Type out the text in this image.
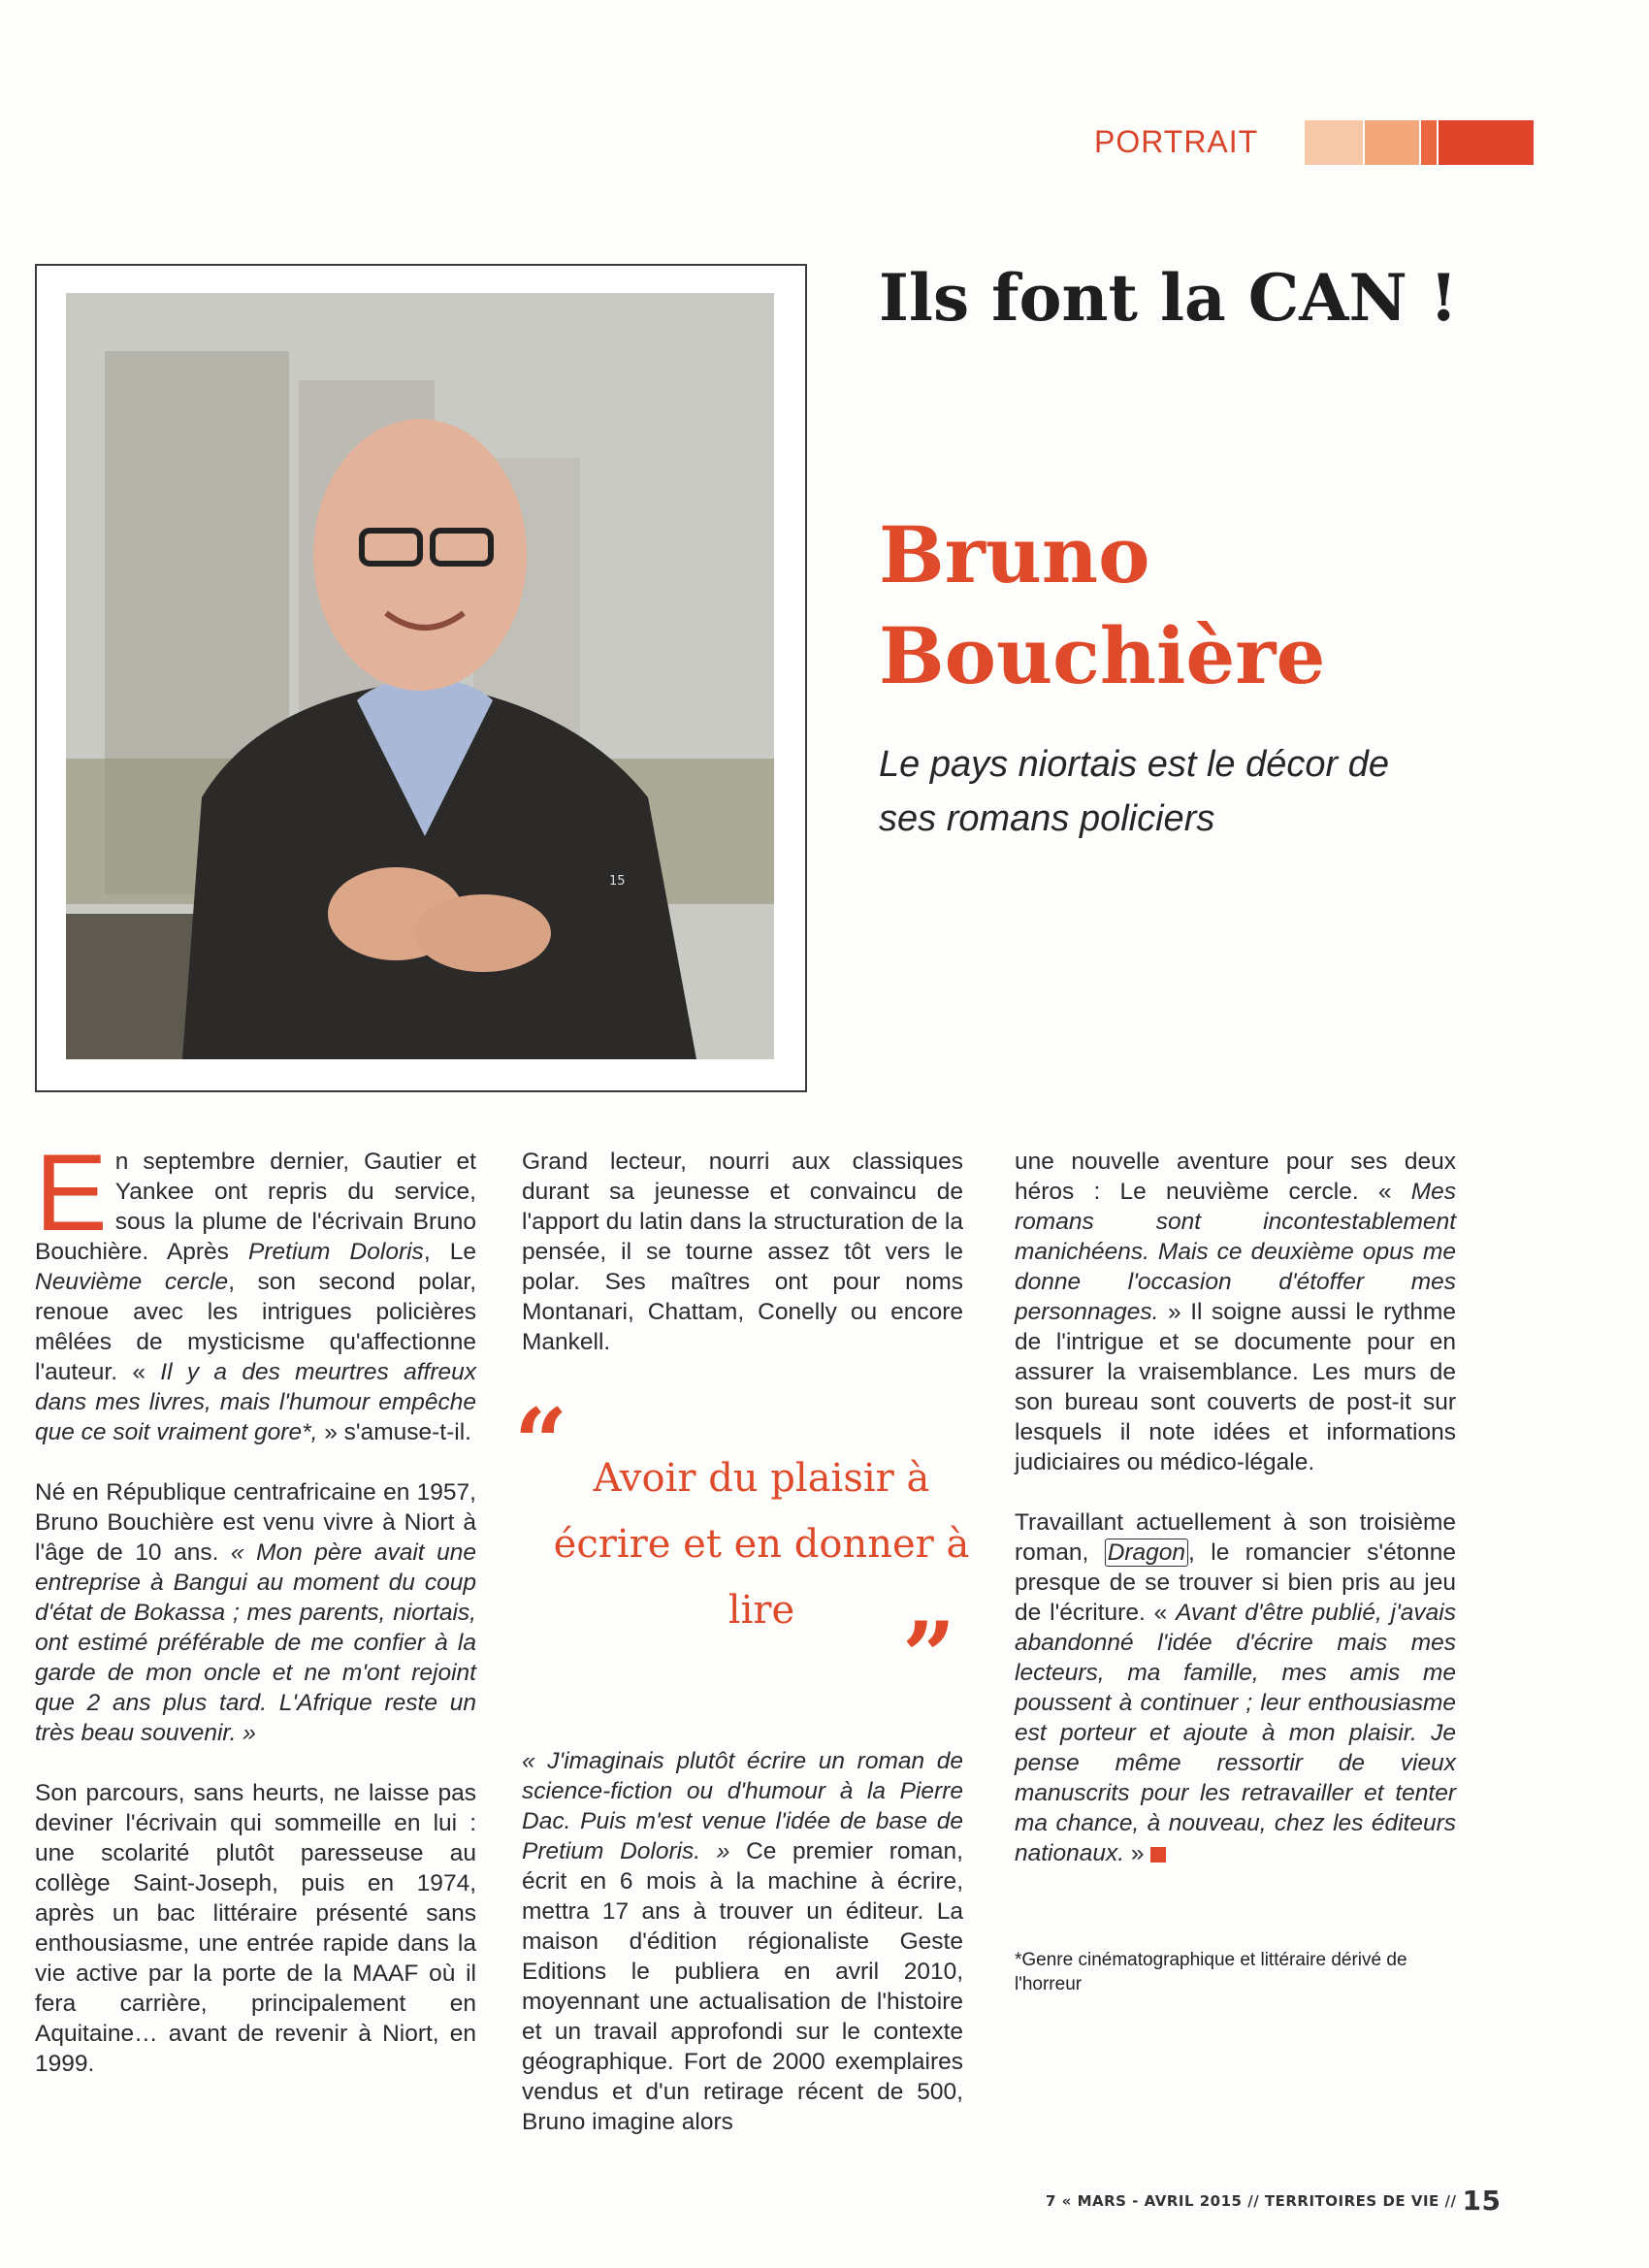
PORTRAIT
15
Ils font la CAN !
Bruno
Bouchière
Le pays niortais est le décor de ses romans policiers

En septembre dernier, Gautier et Yankee ont repris du service, sous la plume de l'écrivain Bruno Bouchière. Après Pretium Doloris, Le Neuvième cercle, son second polar, renoue avec les intrigues policières mêlées de mysticisme qu'affectionne l'auteur. « Il y a des meurtres affreux dans mes livres, mais l'humour empêche que ce soit vraiment gore*, » s'amuse-t-il.

Né en République centrafricaine en 1957, Bruno Bouchière est venu vivre à Niort à l'âge de 10 ans. « Mon père avait une entreprise à Bangui au moment du coup d'état de Bokassa ; mes parents, niortais, ont estimé préférable de me confier à la garde de mon oncle et ne m'ont rejoint que 2 ans plus tard. L'Afrique reste un très beau souvenir. »

Son parcours, sans heurts, ne laisse pas deviner l'écrivain qui sommeille en lui : une scolarité plutôt paresseuse au collège Saint-Joseph, puis en 1974, après un bac littéraire présenté sans enthousiasme, une entrée rapide dans la vie active par la porte de la MAAF où il fera carrière, principalement en Aquitaine… avant de revenir à Niort, en 1999.

Grand lecteur, nourri aux classiques durant sa jeunesse et convaincu de l'apport du latin dans la structuration de la pensée, il se tourne assez tôt vers le polar. Ses maîtres ont pour noms Montanari, Chattam, Conelly ou encore Mankell.

“ Avoir du plaisir à écrire et en donner à lire	”

« J'imaginais plutôt écrire un roman de science-fiction ou d'humour à la Pierre Dac. Puis m'est venue l'idée de base de Pretium Doloris. » Ce premier roman, écrit en 6 mois à la machine à écrire, mettra 17 ans à trouver un éditeur. La maison d'édition régionaliste Geste Editions le publiera en avril 2010, moyennant une actualisation de l'histoire et un travail approfondi sur le contexte géographique. Fort de 2000 exemplaires vendus et d'un retirage récent de 500, Bruno imagine alors

une nouvelle aventure pour ses deux héros : Le neuvième cercle. « Mes romans sont incontestablement manichéens. Mais ce deuxième opus me donne l'occasion d'étoffer mes personnages. » Il soigne aussi le rythme de l'intrigue et se documente pour en assurer la vraisemblance. Les murs de son bureau sont couverts de post-it sur lesquels il note idées et informations judiciaires ou médico-légale.

Travaillant actuellement à son troisième roman, Dragon , le romancier s'étonne presque de se trouver si bien pris au jeu de l'écriture. « Avant d'être publié, j'avais abandonné l'idée d'écrire mais mes lecteurs, ma famille, mes amis me poussent à continuer ; leur enthousiasme est porteur et ajoute à mon plaisir. Je pense même ressortir de vieux manuscrits pour les retravailler et tenter ma chance, à nouveau, chez les éditeurs nationaux. »

*Genre cinématographique et littéraire dérivé de l'horreur
7 « MARS - AVRIL 2015 // TERRITOIRES DE VIE // 15
